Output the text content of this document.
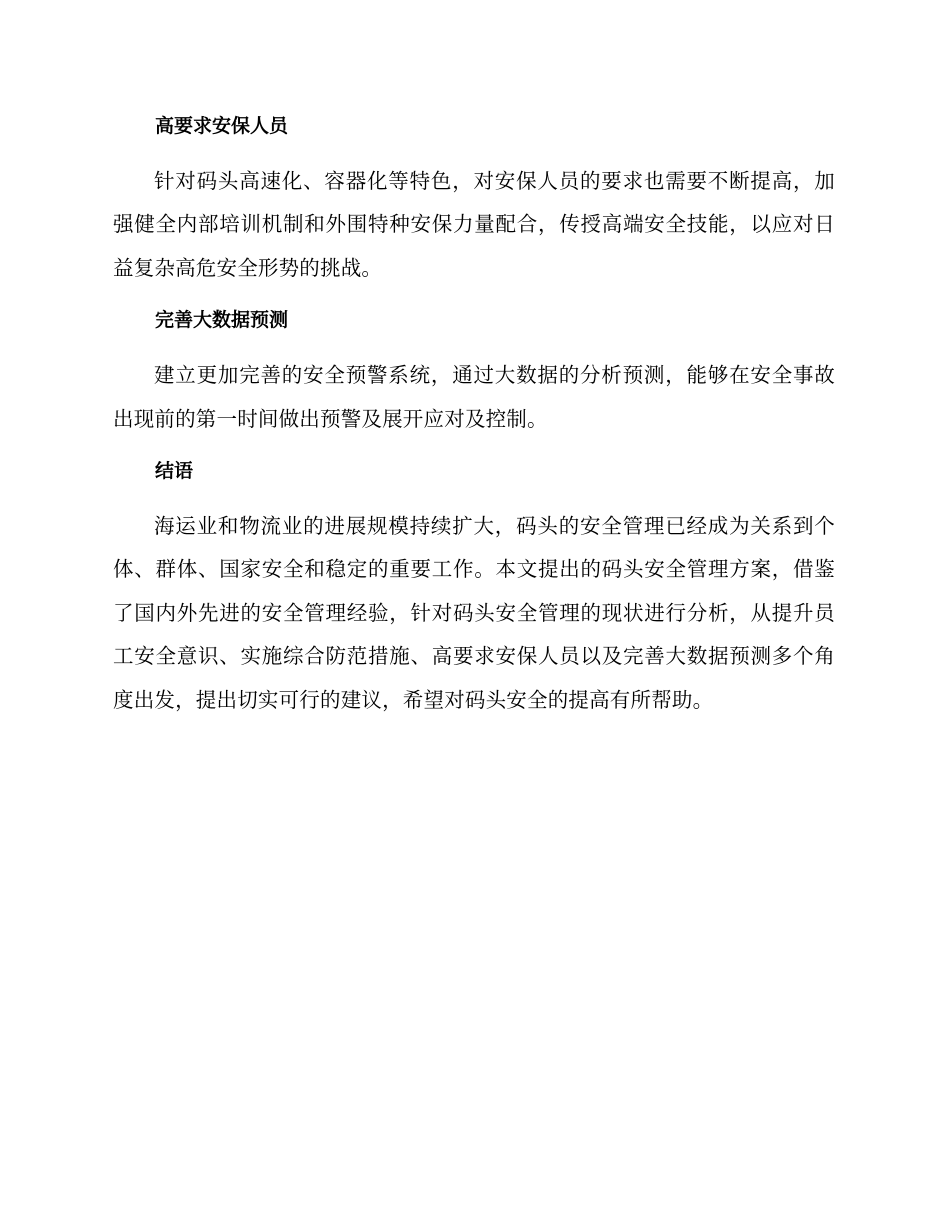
高要求安保人员

针对码头高速化、容器化等特色，对安保人员的要求也需要不断提高，加强健全内部培训机制和外围特种安保力量配合，传授高端安全技能，以应对日益复杂高危安全形势的挑战。

完善大数据预测

建立更加完善的安全预警系统，通过大数据的分析预测，能够在安全事故出现前的第一时间做出预警及展开应对及控制。

结语

海运业和物流业的进展规模持续扩大，码头的安全管理已经成为关系到个体、群体、国家安全和稳定的重要工作。本文提出的码头安全管理方案，借鉴了国内外先进的安全管理经验，针对码头安全管理的现状进行分析，从提升员工安全意识、实施综合防范措施、高要求安保人员以及完善大数据预测多个角度出发，提出切实可行的建议，希望对码头安全的提高有所帮助。
